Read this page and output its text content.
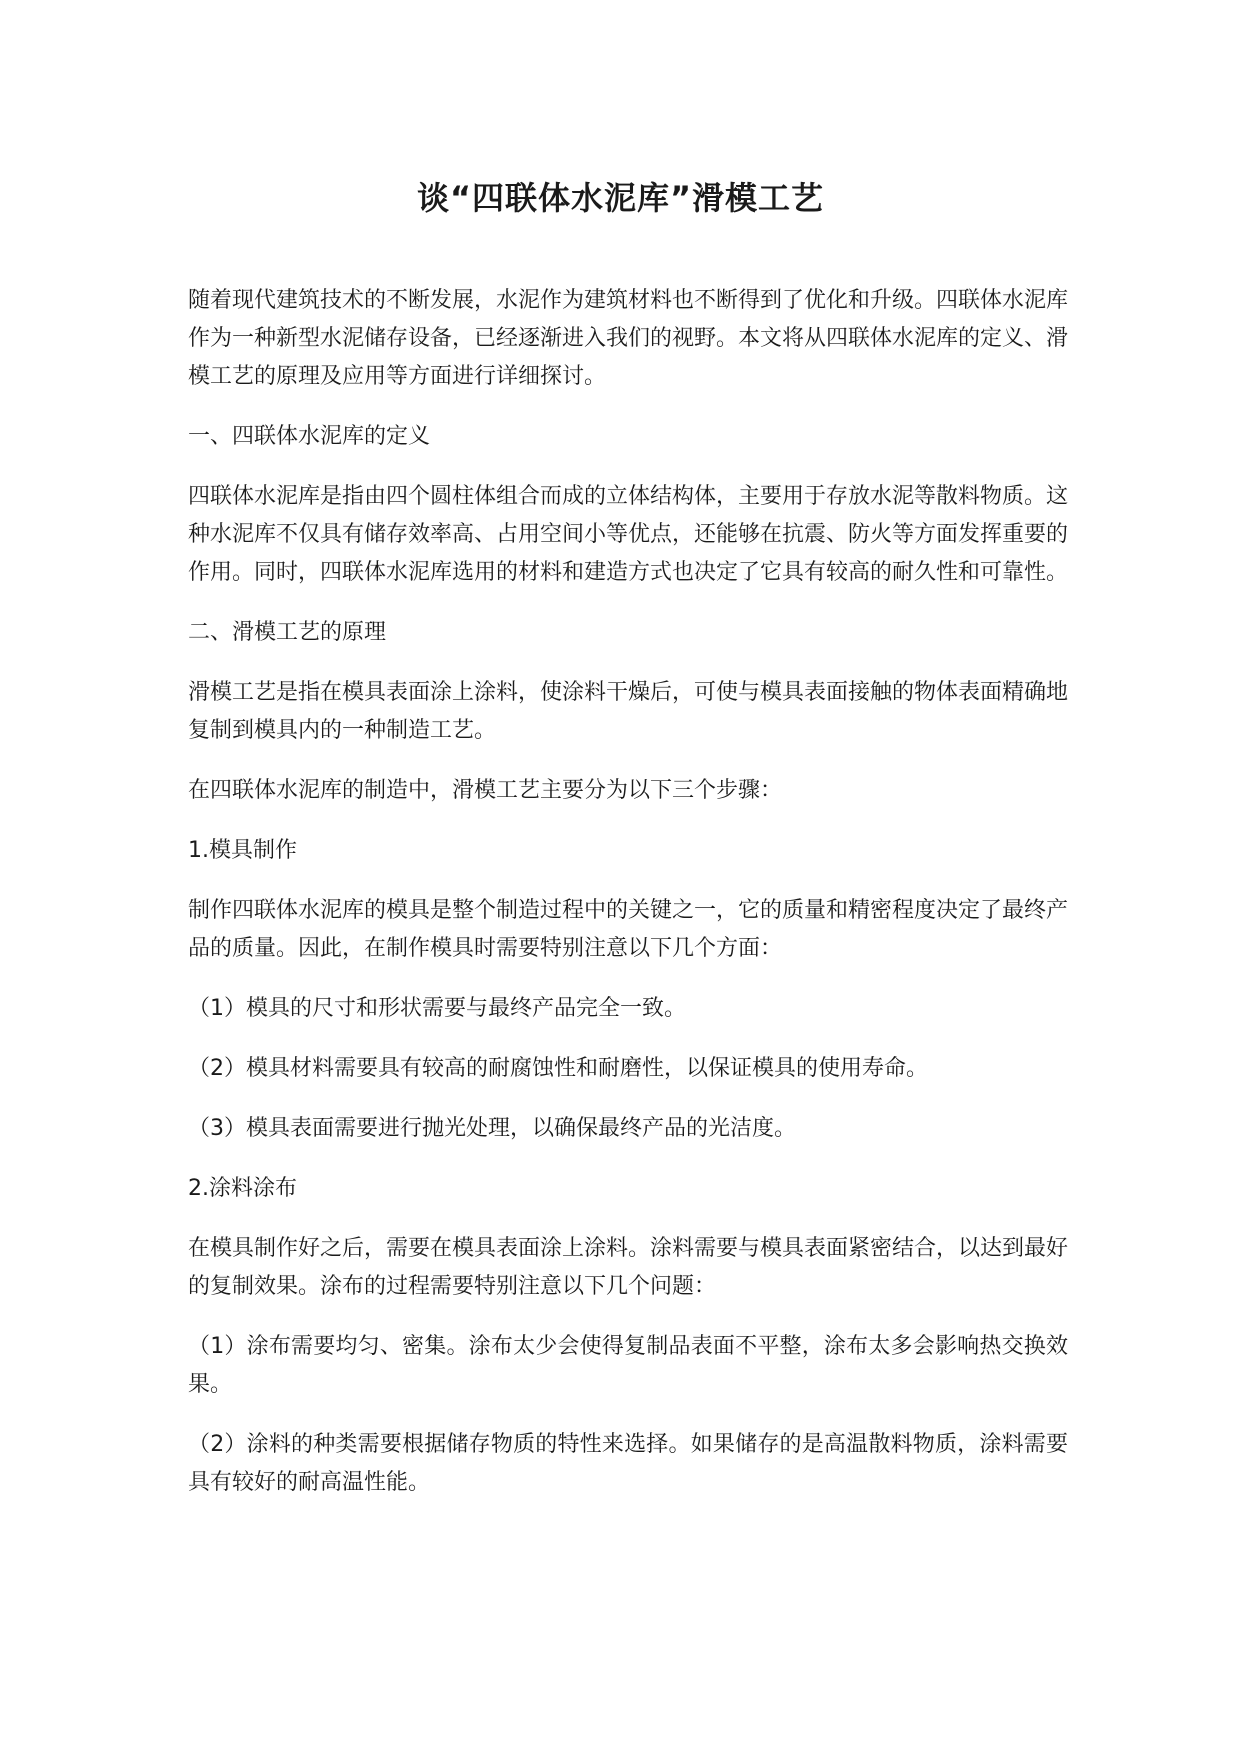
谈“四联体水泥库”滑模工艺

随着现代建筑技术的不断发展，水泥作为建筑材料也不断得到了优化和升级。四联体水泥库作为一种新型水泥储存设备，已经逐渐进入我们的视野。本文将从四联体水泥库的定义、滑模工艺的原理及应用等方面进行详细探讨。

一、四联体水泥库的定义

四联体水泥库是指由四个圆柱体组合而成的立体结构体，主要用于存放水泥等散料物质。这种水泥库不仅具有储存效率高、占用空间小等优点，还能够在抗震、防火等方面发挥重要的作用。同时，四联体水泥库选用的材料和建造方式也决定了它具有较高的耐久性和可靠性。

二、滑模工艺的原理

滑模工艺是指在模具表面涂上涂料，使涂料干燥后，可使与模具表面接触的物体表面精确地复制到模具内的一种制造工艺。

在四联体水泥库的制造中，滑模工艺主要分为以下三个步骤：

1.模具制作

制作四联体水泥库的模具是整个制造过程中的关键之一，它的质量和精密程度决定了最终产品的质量。因此，在制作模具时需要特别注意以下几个方面：

（1）模具的尺寸和形状需要与最终产品完全一致。

（2）模具材料需要具有较高的耐腐蚀性和耐磨性，以保证模具的使用寿命。

（3）模具表面需要进行抛光处理，以确保最终产品的光洁度。

2.涂料涂布

在模具制作好之后，需要在模具表面涂上涂料。涂料需要与模具表面紧密结合，以达到最好的复制效果。涂布的过程需要特别注意以下几个问题：

（1）涂布需要均匀、密集。涂布太少会使得复制品表面不平整，涂布太多会影响热交换效果。

（2）涂料的种类需要根据储存物质的特性来选择。如果储存的是高温散料物质，涂料需要具有较好的耐高温性能。
